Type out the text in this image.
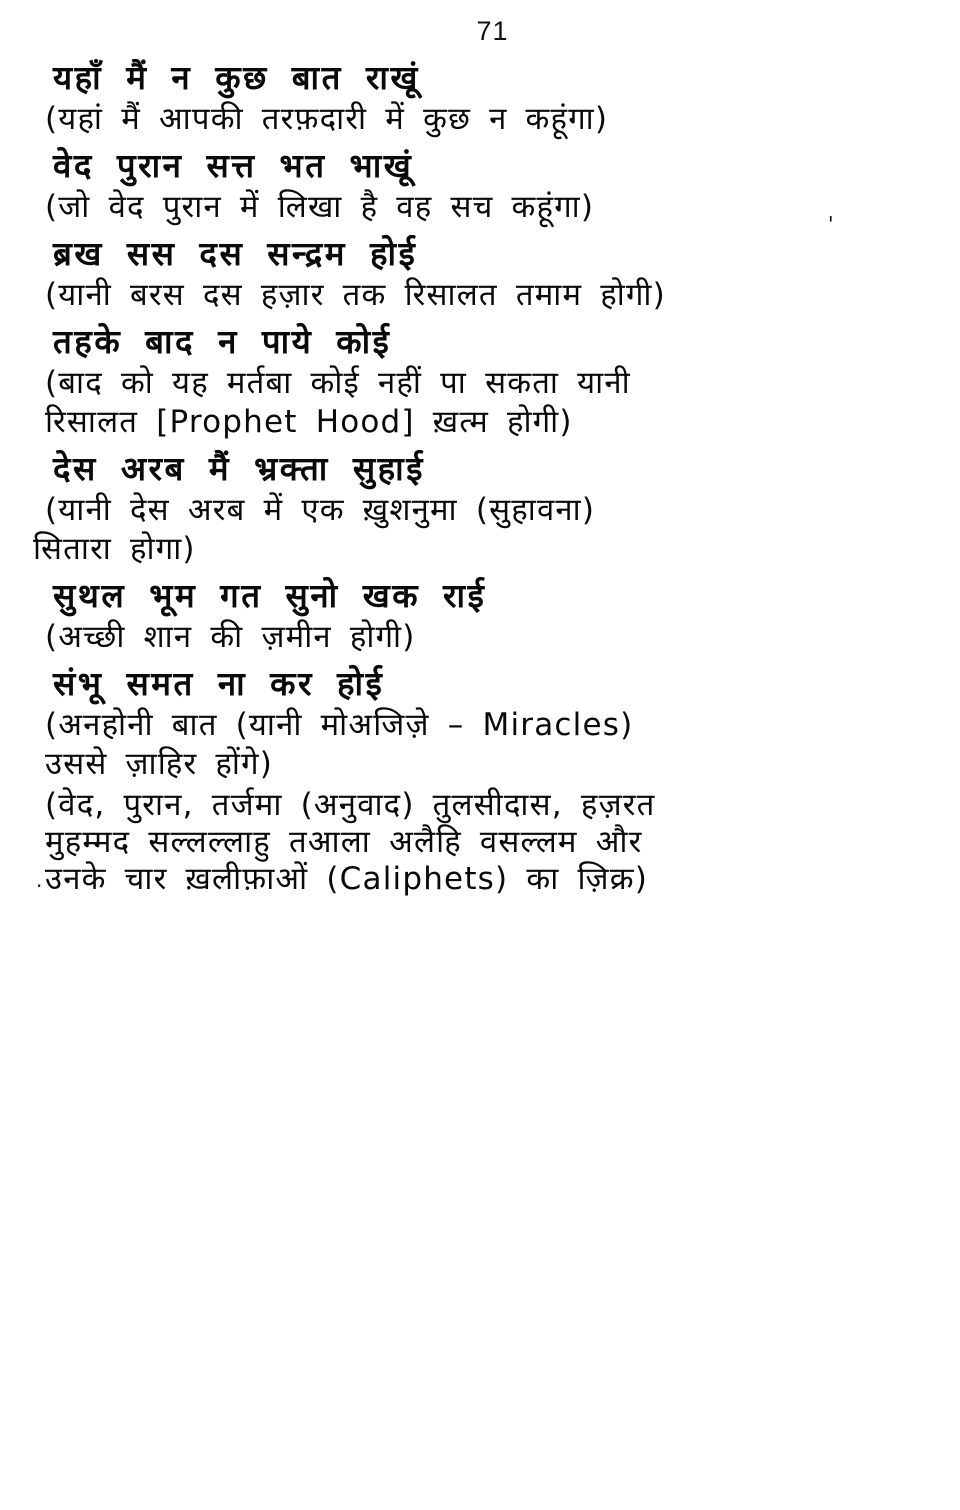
71
यहाँ मैं न कुछ बात राखूं
(यहां मैं आपकी तरफ़दारी में कुछ न कहूंगा)
वेद पुरान सत्त भत भाखूं
(जो वेद पुरान में लिखा है वह सच कहूंगा)
ब्रख सस दस सन्द्रम होई
(यानी बरस दस हज़ार तक रिसालत तमाम होगी)
तहके बाद न पाये कोई
(बाद को यह मर्तबा कोई नहीं पा सकता यानी
रिसालत [Prophet Hood] ख़त्म होगी)
देस अरब मैं भ्रक्ता सुहाई
(यानी देस अरब में एक ख़ुशनुमा (सुहावना)
सितारा होगा)
सुथल भूम गत सुनो खक राई
(अच्छी शान की ज़मीन होगी)
संभू समत ना कर होई
(अनहोनी बात (यानी मोअजिज़े – Miracles)
उससे ज़ाहिर होंगे)
(वेद, पुरान, तर्जमा (अनुवाद) तुलसीदास, हज़रत
मुहम्मद सल्लल्लाहु तआला अलैहि वसल्लम और
उनके चार ख़लीफ़ाओं (Caliphets) का ज़िक्र)
'
.
